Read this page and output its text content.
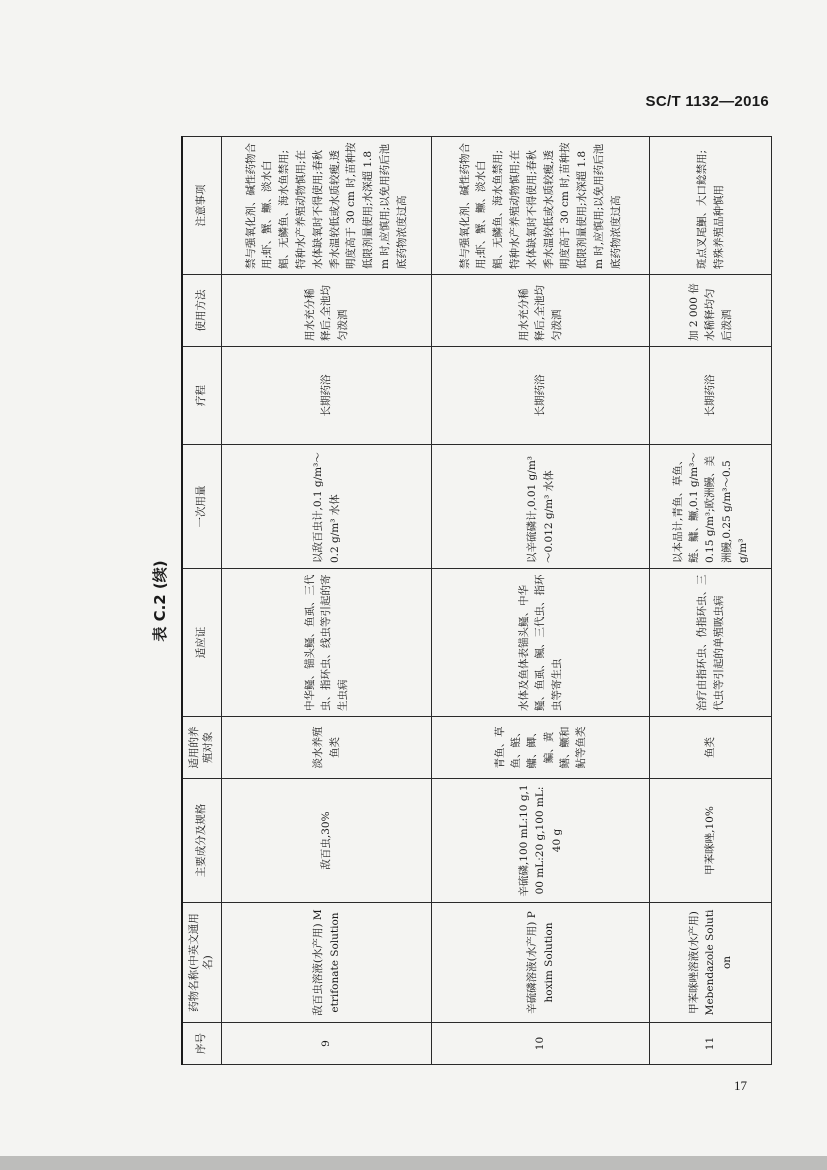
SC/T 1132—2016
表 C.2 (续)
序号	药物名称(中英文通用名)	主要成分及规格	适用的养殖对象	适应证	一次用量	疗程	使用方法	注意事项
9	敌百虫溶液(水产用) Metrifonate Solution	敌百虫,30%	淡水养殖鱼类	中华鳋、锚头鳋、鱼虱、三代虫、指环虫、线虫等引起的寄生虫病	以敌百虫计,0.1 g/m³～0.2 g/m³ 水体	长期药浴	用水充分稀释后,全池均匀泼洒	禁与强氧化剂、碱性药物合用;虾、蟹、鳜、淡水白鲳、无鳞鱼、海水鱼禁用;特种水产养殖动物慎用;在水体缺氧时不得使用;春秋季水温较低或水质较瘦,透明度高于 30 cm 时,苗种按低限剂量使用;水深超 1.8 m 时,应慎用;以免用药后池底药物浓度过高
10	辛硫磷溶液(水产用) Phoxim Solution	辛硫磷,100 mL:10 g,100 mL:20 g,100 mL:40 g	青鱼、草鱼、鲢、鳙、鲫、鳊、黄鳝、鳜和鲇等鱼类	水体及鱼体表锚头鳋、中华鳋、鱼虱、鲺、三代虫、指环虫等寄生虫	以辛硫磷计,0.01 g/m³～0.012 g/m³ 水体	长期药浴	用水充分稀释后,全池均匀泼洒	禁与强氧化剂、碱性药物合用;虾、蟹、鳜、淡水白鲳、无鳞鱼、海水鱼禁用;特种水产养殖动物慎用;在水体缺氧时不得使用;春秋季水温较低或水质较瘦,透明度高于 30 cm 时,苗种按低限剂量使用;水深超 1.8 m 时,应慎用;以免用药后池底药物浓度过高
11	甲苯咪唑溶液(水产用) Mebendazole Solution	甲苯咪唑,10%	鱼类	治疗由指环虫、伪指环虫、三代虫等引起的单殖吸虫病	以本品计,青鱼、草鱼、鲢、鳙、鳜,0.1 g/m³～0.15 g/m³;欧洲鳗、美洲鳗,0.25 g/m³～0.5 g/m³	长期药浴	加 2 000 倍水稀释均匀后泼洒	斑点叉尾鮰、大口鲶禁用;特殊养殖品种慎用
17
